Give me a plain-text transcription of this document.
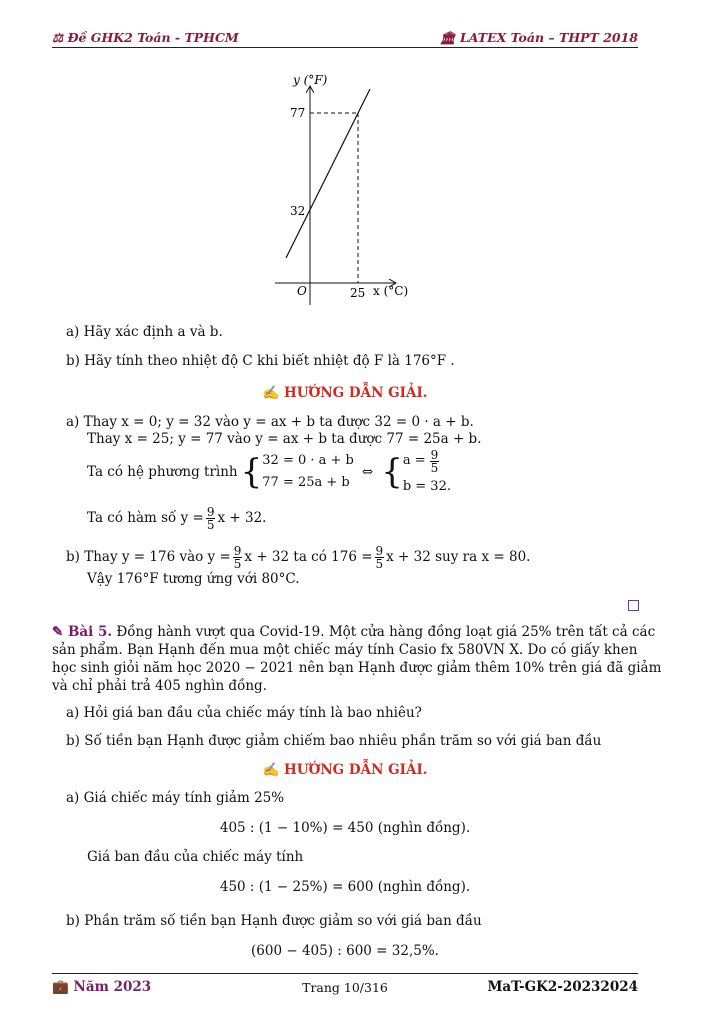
⚖ Đề GHK2 Toán - TPHCM	🏛 LATEX Toán – THPT 2018
y (°F)
77
32
O	25 x (°C)
a) Hãy xác định a và b.
b) Hãy tính theo nhiệt độ C khi biết nhiệt độ F là 176°F .
✍ HƯỚNG DẪN GIẢI.
a) Thay x = 0; y = 32 vào y = ax + b ta được 32 = 0 · a + b.
Thay x = 25; y = 77 vào y = ax + b ta được 77 = 25a + b.
Ta có hệ phương trình { 32 = 0 · a + b
77 = 25a + b
⇔ { $a = \frac{9}{5}$
b = 32.
Ta có hàm số $y = \frac{9}{5}$ x + 32.
b) Thay y = 176 vào $y = \frac{9}{5}$ x + 32 ta có $176 = \frac{9}{5}$ x + 32 suy ra x = 80.
Vậy 176°F tương ứng với 80°C.
✎ Bài 5. Đồng hành vượt qua Covid-19. Một cửa hàng đồng loạt giá 25% trên tất cả các
sản phẩm. Bạn Hạnh đến mua một chiếc máy tính Casio fx 580VN X. Do có giấy khen
học sinh giỏi năm học 2020 − 2021 nên bạn Hạnh được giảm thêm 10% trên giá đã giảm
và chỉ phải trả 405 nghìn đồng.
a) Hỏi giá ban đầu của chiếc máy tính là bao nhiêu?
b) Số tiền bạn Hạnh được giảm chiếm bao nhiêu phần trăm so với giá ban đầu
✍ HƯỚNG DẪN GIẢI.
a) Giá chiếc máy tính giảm 25%
405 : (1 − 10%) = 450 (nghìn đồng).
Giá ban đầu của chiếc máy tính
450 : (1 − 25%) = 600 (nghìn đồng).
b) Phần trăm số tiền bạn Hạnh được giảm so với giá ban đầu
(600 − 405) : 600 = 32,5%.
💼 Năm 2023	Trang 10/316	MaT-GK2-20232024
